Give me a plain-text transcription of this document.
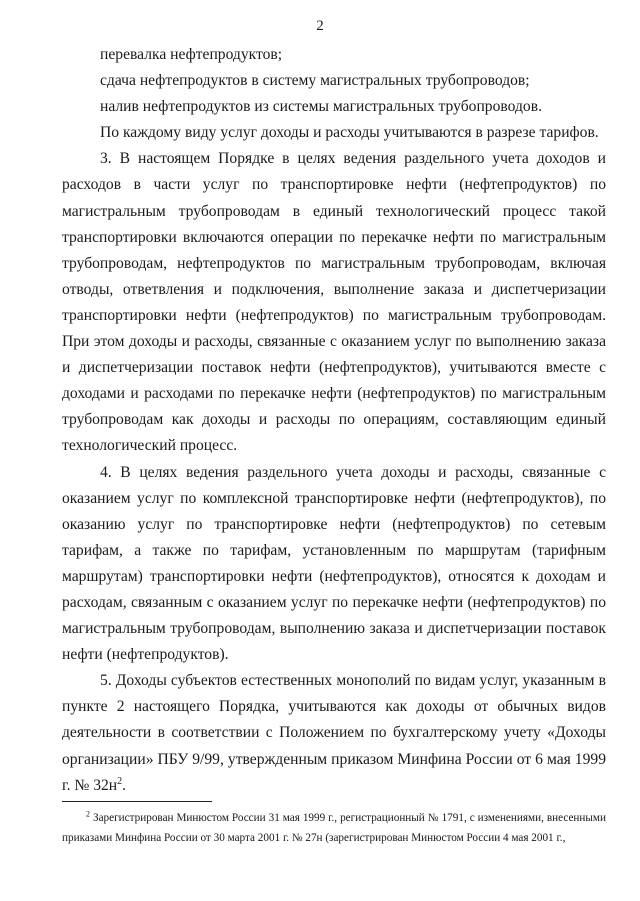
2

перевалка нефтепродуктов;

сдача нефтепродуктов в систему магистральных трубопроводов;

налив нефтепродуктов из системы магистральных трубопроводов.

По каждому виду услуг доходы и расходы учитываются в разрезе тарифов.

3. В настоящем Порядке в целях ведения раздельного учета доходов и расходов в части услуг по транспортировке нефти (нефтепродуктов) по магистральным трубопроводам в единый технологический процесс такой транспортировки включаются операции по перекачке нефти по магистральным трубопроводам, нефтепродуктов по магистральным трубопроводам, включая отводы, ответвления и подключения, выполнение заказа и диспетчеризации транспортировки нефти (нефтепродуктов) по магистральным трубопроводам. При этом доходы и расходы, связанные с оказанием услуг по выполнению заказа и диспетчеризации поставок нефти (нефтепродуктов), учитываются вместе с доходами и расходами по перекачке нефти (нефтепродуктов) по магистральным трубопроводам как доходы и расходы по операциям, составляющим единый технологический процесс.

4. В целях ведения раздельного учета доходы и расходы, связанные с оказанием услуг по комплексной транспортировке нефти (нефтепродуктов), по оказанию услуг по транспортировке нефти (нефтепродуктов) по сетевым тарифам, а также по тарифам, установленным по маршрутам (тарифным маршрутам) транспортировки нефти (нефтепродуктов), относятся к доходам и расходам, связанным с оказанием услуг по перекачке нефти (нефтепродуктов) по магистральным трубопроводам, выполнению заказа и диспетчеризации поставок нефти (нефтепродуктов).

5. Доходы субъектов естественных монополий по видам услуг, указанным в пункте 2 настоящего Порядка, учитываются как доходы от обычных видов деятельности в соответствии с Положением по бухгалтерскому учету «Доходы организации» ПБУ 9/99, утвержденным приказом Минфина России от 6 мая 1999 г. № $32н^2$.

$^2$ Зарегистрирован Минюстом России 31 мая 1999 г., регистрационный № 1791, с изменениями, внесенными приказами Минфина России от 30 марта 2001 г. № 27н (зарегистрирован Минюстом России 4 мая 2001 г.,
